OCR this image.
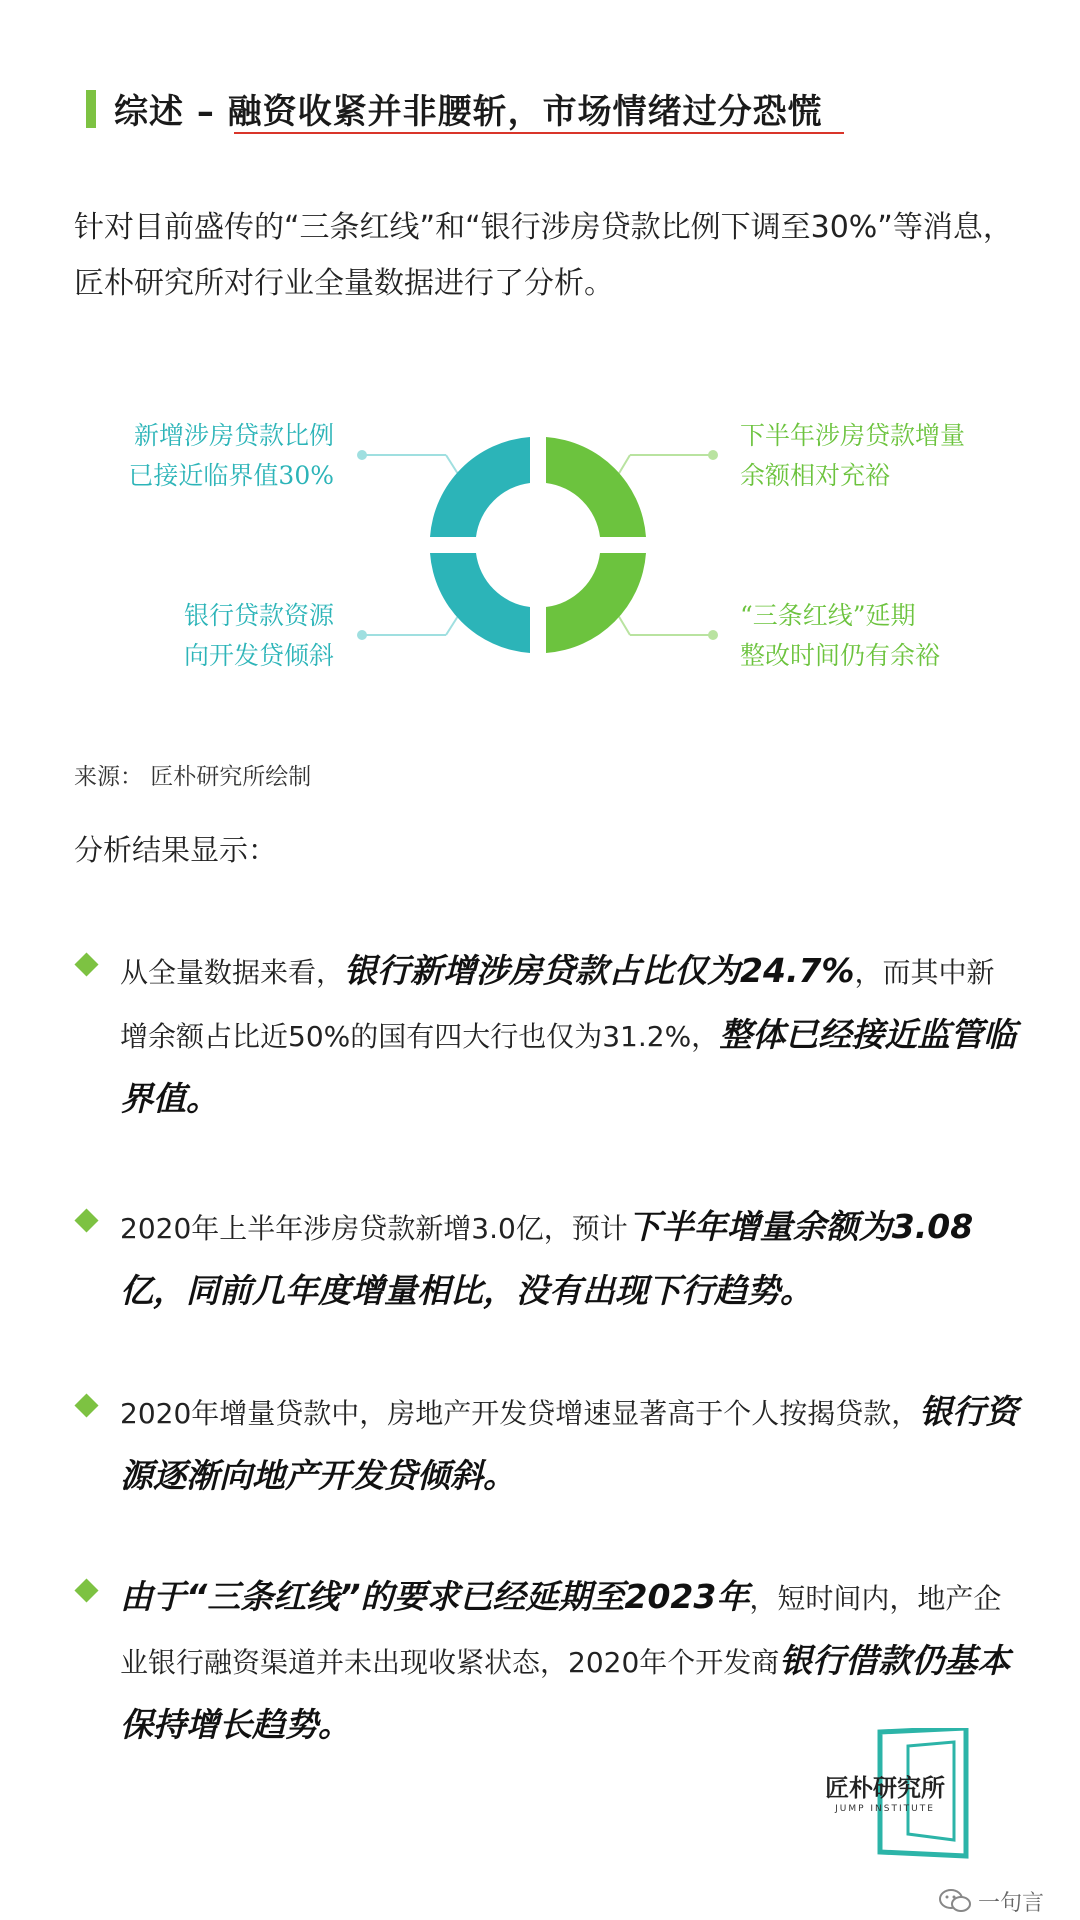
综述 – 融资收紧并非腰斩，市场情绪过分恐慌
针对目前盛传的“三条红线”和“银行涉房贷款比例下调至30%”等消息，匠朴研究所对行业全量数据进行了分析。
新增涉房贷款比例
已接近临界值30%
银行贷款资源
向开发贷倾斜
下半年涉房贷款增量
余额相对充裕
“三条红线”延期
整改时间仍有余裕
来源： 匠朴研究所绘制
分析结果显示：
从全量数据来看，银行新增涉房贷款占比仅为24.7%，而其中新增余额占比近50%的国有四大行也仅为31.2%，整体已经接近监管临界值。
2020年上半年涉房贷款新增3.0亿，预计下半年增量余额为3.08亿，同前几年度增量相比，没有出现下行趋势。
2020年增量贷款中，房地产开发贷增速显著高于个人按揭贷款，银行资源逐渐向地产开发贷倾斜。
由于“三条红线”的要求已经延期至2023年，短时间内，地产企业银行融资渠道并未出现收紧状态，2020年个开发商银行借款仍基本保持增长趋势。
匠朴研究所
JUMP INSTITUTE
一句言
